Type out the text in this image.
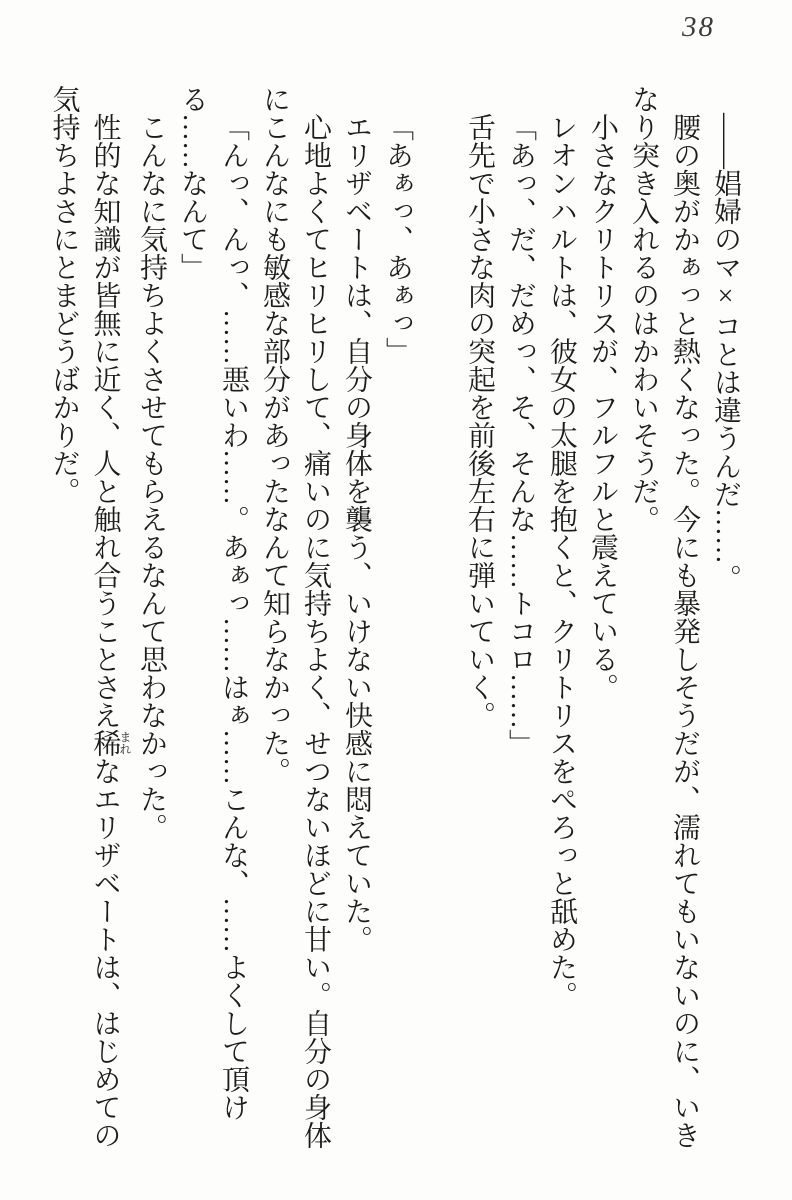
38

――娼婦のマ×コとは違うんだ……。

腰の奥がかぁっと熱くなった。今にも暴発しそうだが、濡れてもいないのに、いきなり突き入れるのはかわいそうだ。

小さなクリトリスが、フルフルと震えている。

レオンハルトは、彼女の太腿を抱くと、クリトリスをぺろっと舐めた。

「あっ、だ、だめっ、そ、そんな……トコロ……」

舌先で小さな肉の突起を前後左右に弾いていく。

「あぁっ、あぁっ」

エリザベートは、自分の身体を襲う、いけない快感に悶えていた。

心地よくてヒリヒリして、痛いのに気持ちよく、せつないほどに甘い。自分の身体にこんなにも敏感な部分があったなんて知らなかった。

「んっ、んっ、……悪いわ……。あぁっ……はぁ……こんな、……よくして頂ける……なんて」

こんなに気持ちよくさせてもらえるなんて思わなかった。

性的な知識が皆無に近く、人と触れ合うことさえ稀まれなエリザベートは、はじめての気持ちよさにとまどうばかりだ。
